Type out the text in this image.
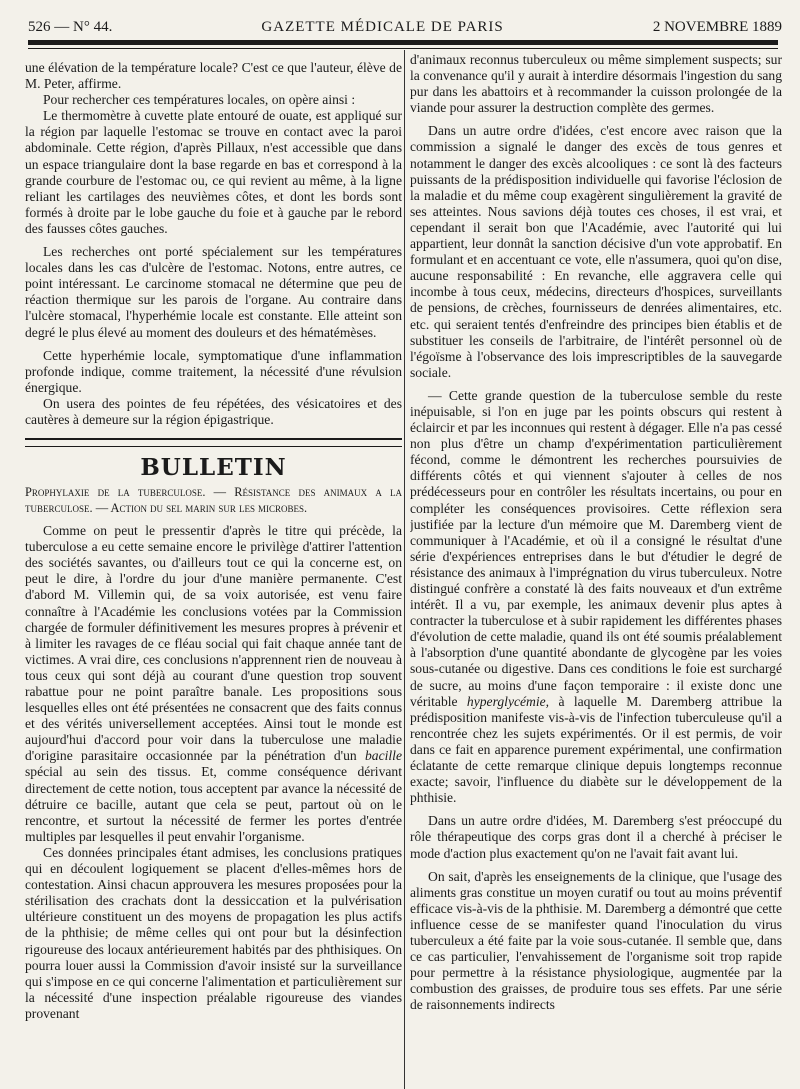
526 — N° 44.	GAZETTE MÉDICALE DE PARIS	2 NOVEMBRE 1889

une élévation de la température locale? C'est ce que l'auteur, élève de M. Peter, affirme.

Pour rechercher ces températures locales, on opère ainsi :

Le thermomètre à cuvette plate entouré de ouate, est appliqué sur la région par laquelle l'estomac se trouve en contact avec la paroi abdominale. Cette région, d'après Pillaux, n'est accessible que dans un espace triangulaire dont la base regarde en bas et correspond à la grande courbure de l'estomac ou, ce qui revient au même, à la ligne reliant les cartilages des neuvièmes côtes, et dont les bords sont formés à droite par le lobe gauche du foie et à gauche par le rebord des fausses côtes gauches.

Les recherches ont porté spécialement sur les températures locales dans les cas d'ulcère de l'estomac. Notons, entre autres, ce point intéressant. Le carcinome stomacal ne détermine que peu de réaction thermique sur les parois de l'organe. Au contraire dans l'ulcère stomacal, l'hyperhémie locale est constante. Elle atteint son degré le plus élevé au moment des douleurs et des hématémèses.

Cette hyperhémie locale, symptomatique d'une inflammation profonde indique, comme traitement, la nécessité d'une révulsion énergique.

On usera des pointes de feu répétées, des vésicatoires et des cautères à demeure sur la région épigastrique.

BULLETIN

Prophylaxie de la tuberculose. — Résistance des animaux a la tuberculose. — Action du sel marin sur les microbes.

Comme on peut le pressentir d'après le titre qui précède, la tuberculose a eu cette semaine encore le privilège d'attirer l'attention des sociétés savantes, ou d'ailleurs tout ce qui la concerne est, on peut le dire, à l'ordre du jour d'une manière permanente. C'est d'abord M. Villemin qui, de sa voix autorisée, est venu faire connaître à l'Académie les conclusions votées par la Commission chargée de formuler définitivement les mesures propres à prévenir et à limiter les ravages de ce fléau social qui fait chaque année tant de victimes. A vrai dire, ces conclusions n'apprennent rien de nouveau à tous ceux qui sont déjà au courant d'une question trop souvent rabattue pour ne point paraître banale. Les propositions sous lesquelles elles ont été présentées ne consacrent que des faits connus et des vérités universellement acceptées. Ainsi tout le monde est aujourd'hui d'accord pour voir dans la tuberculose une maladie d'origine parasitaire occasionnée par la pénétration d'un bacille spécial au sein des tissus. Et, comme conséquence dérivant directement de cette notion, tous acceptent par avance la nécessité de détruire ce bacille, autant que cela se peut, partout où on le rencontre, et surtout la nécessité de fermer les portes d'entrée multiples par lesquelles il peut envahir l'organisme.

Ces données principales étant admises, les conclusions pratiques qui en découlent logiquement se placent d'elles-mêmes hors de contestation. Ainsi chacun approuvera les mesures proposées pour la stérilisation des crachats dont la dessiccation et la pulvérisation ultérieure constituent un des moyens de propagation les plus actifs de la phthisie; de même celles qui ont pour but la désinfection rigoureuse des locaux antérieurement habités par des phthisiques. On pourra louer aussi la Commission d'avoir insisté sur la surveillance qui s'impose en ce qui concerne l'alimentation et particulièrement sur la nécessité d'une inspection préalable rigoureuse des viandes provenant

d'animaux reconnus tuberculeux ou même simplement suspects; sur la convenance qu'il y aurait à interdire désormais l'ingestion du sang pur dans les abattoirs et à recommander la cuisson prolongée de la viande pour assurer la destruction complète des germes.

Dans un autre ordre d'idées, c'est encore avec raison que la commission a signalé le danger des excès de tous genres et notamment le danger des excès alcooliques : ce sont là des facteurs puissants de la prédisposition individuelle qui favorise l'éclosion de la maladie et du même coup exagèrent singulièrement la gravité de ses atteintes. Nous savions déjà toutes ces choses, il est vrai, et cependant il serait bon que l'Académie, avec l'autorité qui lui appartient, leur donnât la sanction décisive d'un vote approbatif. En formulant et en accentuant ce vote, elle n'assumera, quoi qu'on dise, aucune responsabilité : En revanche, elle aggravera celle qui incombe à tous ceux, médecins, directeurs d'hospices, surveillants de pensions, de crèches, fournisseurs de denrées alimentaires, etc. etc. qui seraient tentés d'enfreindre des principes bien établis et de substituer les conseils de l'arbitraire, de l'intérêt personnel où de l'égoïsme à l'observance des lois imprescriptibles de la sauvegarde sociale.

— Cette grande question de la tuberculose semble du reste inépuisable, si l'on en juge par les points obscurs qui restent à éclaircir et par les inconnues qui restent à dégager. Elle n'a pas cessé non plus d'être un champ d'expérimentation particulièrement fécond, comme le démontrent les recherches poursuivies de différents côtés et qui viennent s'ajouter à celles de nos prédécesseurs pour en contrôler les résultats incertains, ou pour en compléter les conséquences provisoires. Cette réflexion sera justifiée par la lecture d'un mémoire que M. Daremberg vient de communiquer à l'Académie, et où il a consigné le résultat d'une série d'expériences entreprises dans le but d'étudier le degré de résistance des animaux à l'imprégnation du virus tuberculeux. Notre distingué confrère a constaté là des faits nouveaux et d'un extrême intérêt. Il a vu, par exemple, les animaux devenir plus aptes à contracter la tuberculose et à subir rapidement les différentes phases d'évolution de cette maladie, quand ils ont été soumis préalablement à l'absorption d'une quantité abondante de glycogène par les voies sous-cutanée ou digestive. Dans ces conditions le foie est surchargé de sucre, au moins d'une façon temporaire : il existe donc une véritable hyperglycémie, à laquelle M. Daremberg attribue la prédisposition manifeste vis-à-vis de l'infection tuberculeuse qu'il a rencontrée chez les sujets expérimentés. Or il est permis, de voir dans ce fait en apparence purement expérimental, une confirmation éclatante de cette remarque clinique depuis longtemps reconnue exacte; savoir, l'influence du diabète sur le développement de la phthisie.

Dans un autre ordre d'idées, M. Daremberg s'est préoccupé du rôle thérapeutique des corps gras dont il a cherché à préciser le mode d'action plus exactement qu'on ne l'avait fait avant lui.

On sait, d'après les enseignements de la clinique, que l'usage des aliments gras constitue un moyen curatif ou tout au moins préventif efficace vis-à-vis de la phthisie. M. Daremberg a démontré que cette influence cesse de se manifester quand l'inoculation du virus tuberculeux a été faite par la voie sous-cutanée. Il semble que, dans ce cas particulier, l'envahissement de l'organisme soit trop rapide pour permettre à la résistance physiologique, augmentée par la combustion des graisses, de produire tous ses effets. Par une série de raisonnements indirects
